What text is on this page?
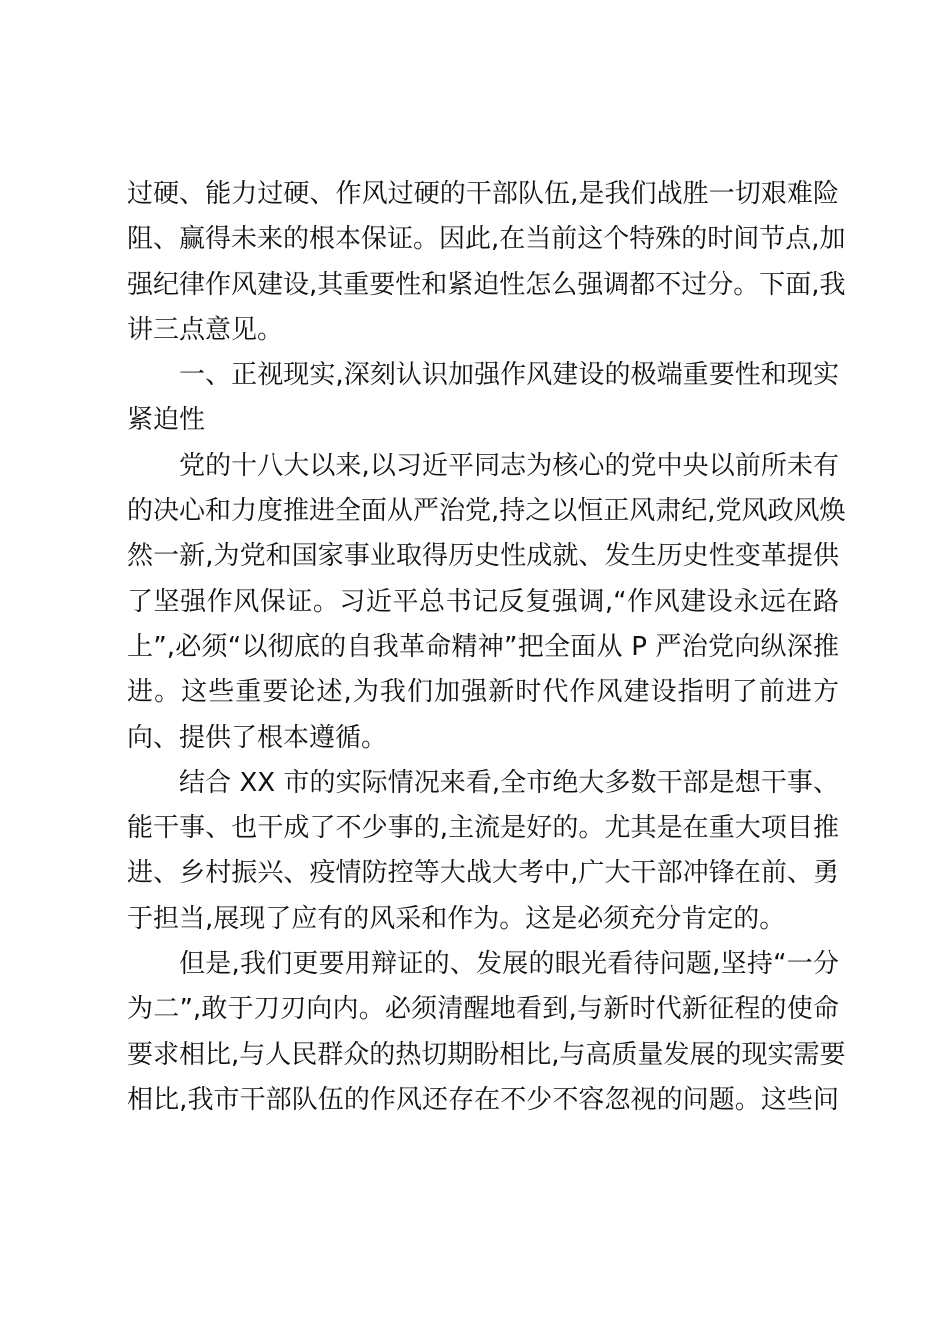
过硬、能力过硬、作风过硬的干部队伍,是我们战胜一切艰难险
阻、赢得未来的根本保证。因此,在当前这个特殊的时间节点,加
强纪律作风建设,其重要性和紧迫性怎么强调都不过分。下面,我
讲三点意见。

一、正视现实,深刻认识加强作风建设的极端重要性和现实
紧迫性

党的十八大以来,以习近平同志为核心的党中央以前所未有
的决心和力度推进全面从严治党,持之以恒正风肃纪,党风政风焕
然一新,为党和国家事业取得历史性成就、发生历史性变革提供
了坚强作风保证。习近平总书记反复强调,“作风建设永远在路
上”,必须“以彻底的自我革命精神”把全面从 P 严治党向纵深推
进。这些重要论述,为我们加强新时代作风建设指明了前进方
向、提供了根本遵循。

结合 XX 市的实际情况来看,全市绝大多数干部是想干事、
能干事、也干成了不少事的,主流是好的。尤其是在重大项目推
进、乡村振兴、疫情防控等大战大考中,广大干部冲锋在前、勇
于担当,展现了应有的风采和作为。这是必须充分肯定的。

但是,我们更要用辩证的、发展的眼光看待问题,坚持“一分
为二”,敢于刀刃向内。必须清醒地看到,与新时代新征程的使命
要求相比,与人民群众的热切期盼相比,与高质量发展的现实需要
相比,我市干部队伍的作风还存在不少不容忽视的问题。这些问
